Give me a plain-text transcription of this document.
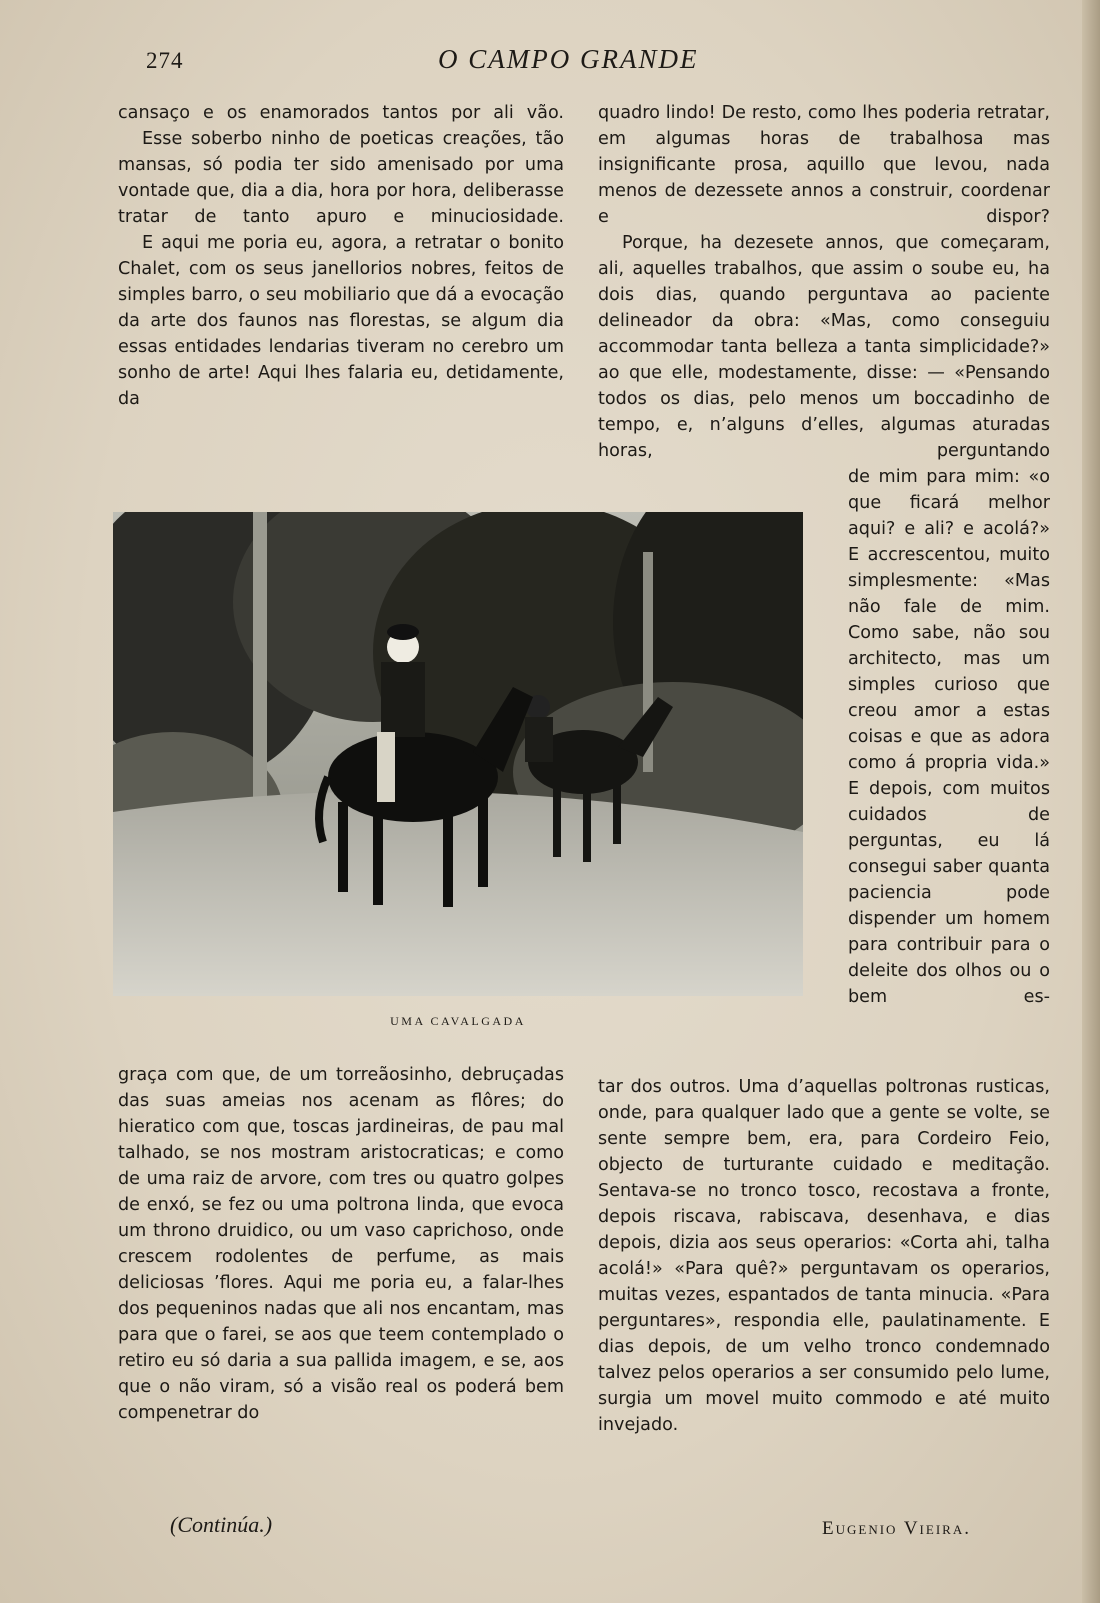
274	O CAMPO GRANDE

cansaço e os enamorados tantos por ali vão.

Esse soberbo ninho de poeticas creações, tão mansas, só podia ter sido amenisado por uma vontade que, dia a dia, hora por hora, deliberasse tratar de tanto apuro e minuciosidade.

E aqui me poria eu, agora, a retratar o bonito Chalet, com os seus janellorios nobres, feitos de simples barro, o seu mobiliario que dá a evocação da arte dos faunos nas florestas, se algum dia essas entidades lendarias tiveram no cerebro um sonho de arte! Aqui lhes falaria eu, detidamente, da

UMA CAVALGADA

graça com que, de um torreãosinho, debruçadas das suas ameias nos acenam as flôres; do hieratico com que, toscas jardineiras, de pau mal talhado, se nos mostram aristocraticas; e como de uma raiz de arvore, com tres ou quatro golpes de enxó, se fez ou uma poltrona linda, que evoca um throno druidico, ou um vaso caprichoso, onde crescem rodolentes de perfume, as mais deliciosas ’flores. Aqui me poria eu, a falar-lhes dos pequeninos nadas que ali nos encantam, mas para que o farei, se aos que teem contemplado o retiro eu só daria a sua pallida imagem, e se, aos que o não viram, só a visão real os poderá bem compenetrar do

quadro lindo! De resto, como lhes poderia retratar, em algumas horas de trabalhosa mas insignificante prosa, aquillo que levou, nada menos de dezessete annos a construir, coordenar e dispor?

Porque, ha dezesete annos, que começaram, ali, aquelles trabalhos, que assim o soube eu, ha dois dias, quando perguntava ao paciente delineador da obra: «Mas, como conseguiu accommodar tanta belleza a tanta simplicidade?» ao que elle, modestamente, disse: — «Pensando todos os dias, pelo menos um boccadinho de tempo, e, n’alguns d’elles, algumas aturadas horas, perguntando

de mim para mim: «o que ficará melhor aqui? e ali? e acolá?» E accrescentou, muito simplesmente: «Mas não fale de mim. Como sabe, não sou architecto, mas um simples curioso que creou amor a estas coisas e que as adora como á propria vida.» E depois, com muitos cuidados de perguntas, eu lá consegui saber quanta paciencia pode dispender um homem para contribuir para o deleite dos olhos ou o bem es-

tar dos outros. Uma d’aquellas poltronas rusticas, onde, para qualquer lado que a gente se volte, se sente sempre bem, era, para Cordeiro Feio, objecto de turturante cuidado e meditação. Sentava-se no tronco tosco, recostava a fronte, depois riscava, rabiscava, desenhava, e dias depois, dizia aos seus operarios: «Corta ahi, talha acolá!» «Para quê?» perguntavam os operarios, muitas vezes, espantados de tanta minucia. «Para perguntares», respondia elle, paulatinamente. E dias depois, de um velho tronco condemnado talvez pelos operarios a ser consumido pelo lume, surgia um movel muito commodo e até muito invejado.

(Continúa.)	Eugenio Vieira.
